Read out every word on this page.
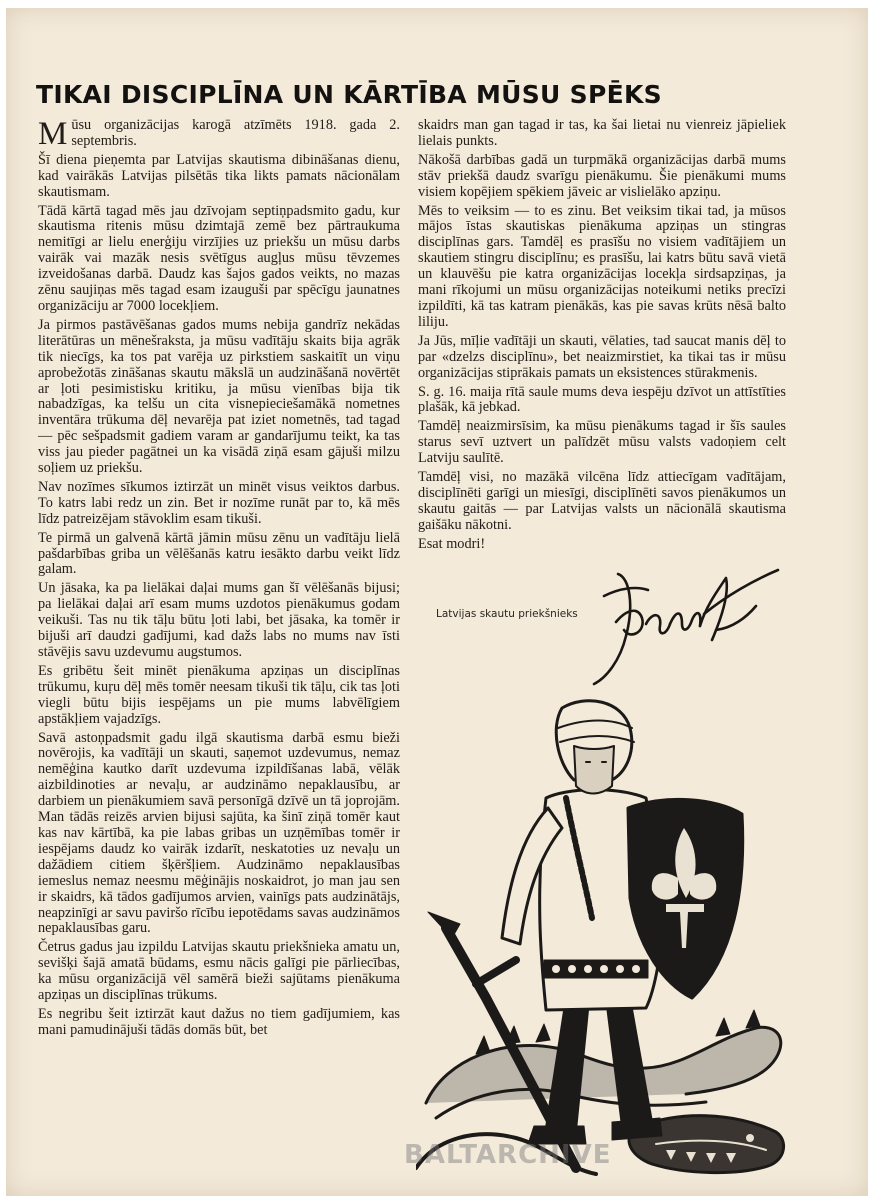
TIKAI DISCIPLĪNA UN KĀRTĪBA MŪSU SPĒKS

Mūsu organizācijas karogā atzīmēts 1918. gada 2. septembris.

Šī diena pieņemta par Latvijas skautisma dibināšanas dienu, kad vairākās Latvijas pilsētās tika likts pamats nācionālam skautismam.

Tādā kārtā tagad mēs jau dzīvojam septiņpadsmito gadu, kur skautisma ritenis mūsu dzimtajā zemē bez pārtraukuma nemitīgi ar lielu enerģiju virzījies uz priekšu un mūsu darbs vairāk vai mazāk nesis svētīgus augļus mūsu tēvzemes izveidošanas darbā. Daudz kas šajos gados veikts, no mazas zēnu saujiņas mēs tagad esam izauguši par spēcīgu jaunatnes organizāciju ar 7000 locekļiem.

Ja pirmos pastāvēšanas gados mums nebija gandrīz nekādas literātūras un mēnešraksta, ja mūsu vadītāju skaits bija agrāk tik niecīgs, ka tos pat varēja uz pirkstiem saskaitīt un viņu aprobežotās zināšanas skautu mākslā un audzināšanā novērtēt ar ļoti pesimistisku kritiku, ja mūsu vienības bija tik nabadzīgas, ka telšu un cita visnepieciešamākā nometnes inventāra trūkuma dēļ nevarēja pat iziet nometnēs, tad tagad — pēc sešpadsmit gadiem varam ar gandarījumu teikt, ka tas viss jau pieder pagātnei un ka visādā ziņā esam gājuši milzu soļiem uz priekšu.

Nav nozīmes sīkumos iztirzāt un minēt visus veiktos darbus. To katrs labi redz un zin. Bet ir nozīme runāt par to, kā mēs līdz patreizējam stāvoklim esam tikuši.

Te pirmā un galvenā kārtā jāmin mūsu zēnu un vadītāju lielā pašdarbības griba un vēlēšanās katru iesākto darbu veikt līdz galam.

Un jāsaka, ka pa lielākai daļai mums gan šī vēlēšanās bijusi; pa lielākai daļai arī esam mums uzdotos pienākumus godam veikuši. Tas nu tik tāļu būtu ļoti labi, bet jāsaka, ka tomēr ir bijuši arī daudzi gadījumi, kad dažs labs no mums nav īsti stāvējis savu uzdevumu augstumos.

Es gribētu šeit minēt pienākuma apziņas un disciplīnas trūkumu, kuŗu dēļ mēs tomēr neesam tikuši tik tāļu, cik tas ļoti viegli būtu bijis iespējams un pie mums labvēlīgiem apstākļiem vajadzīgs.

Savā astoņpadsmit gadu ilgā skautisma darbā esmu bieži novērojis, ka vadītāji un skauti, saņemot uzdevumus, nemaz nemēģina kautko darīt uzdevuma izpildīšanas labā, vēlāk aizbildinoties ar nevaļu, ar audzināmo nepaklausību, ar darbiem un pienākumiem savā personīgā dzīvē un tā joprojām. Man tādās reizēs arvien bijusi sajūta, ka šinī ziņā tomēr kaut kas nav kārtībā, ka pie labas gribas un uzņēmības tomēr ir iespējams daudz ko vairāk izdarīt, neskatoties uz nevaļu un dažādiem citiem šķēršļiem. Audzināmo nepaklausības iemeslus nemaz neesmu mēģinājis noskaidrot, jo man jau sen ir skaidrs, kā tādos gadījumos arvien, vainīgs pats audzinātājs, neapzinīgi ar savu paviršo rīcību iepotēdams savas audzināmos nepaklausības garu.

Četrus gadus jau izpildu Latvijas skautu priekšnieka amatu un, sevišķi šajā amatā būdams, esmu nācis galīgi pie pārliecības, ka mūsu organizācijā vēl samērā bieži sajūtams pienākuma apziņas un disciplīnas trūkums.

Es negribu šeit iztirzāt kaut dažus no tiem gadījumiem, kas mani pamudinājuši tādās domās būt, bet

skaidrs man gan tagad ir tas, ka šai lietai nu vienreiz jāpieliek lielais punkts.

Nākošā darbības gadā un turpmākā organizācijas darbā mums stāv priekšā daudz svarīgu pienākumu. Šie pienākumi mums visiem kopējiem spēkiem jāveic ar vislielāko apziņu.

Mēs to veiksim — to es zinu. Bet veiksim tikai tad, ja mūsos mājos īstas skautiskas pienākuma apziņas un stingras disciplīnas gars. Tamdēļ es prasīšu no visiem vadītājiem un skautiem stingru disciplīnu; es prasīšu, lai katrs būtu savā vietā un klauvēšu pie katra organizācijas locekļa sirdsapziņas, ja mani rīkojumi un mūsu organizācijas noteikumi netiks precīzi izpildīti, kā tas katram pienākās, kas pie savas krūts nēsā balto liliju.

Ja Jūs, mīļie vadītāji un skauti, vēlaties, tad saucat manis dēļ to par «dzelzs disciplīnu», bet neaizmirstiet, ka tikai tas ir mūsu organizācijas stiprākais pamats un eksistences stūrakmenis.

S. g. 16. maija rītā saule mums deva iespēju dzīvot un attīstīties plašāk, kā jebkad.

Tamdēļ neaizmirsīsim, ka mūsu pienākums tagad ir šīs saules starus sevī uztvert un palīdzēt mūsu valsts vadoņiem celt Latviju saulītē.

Tamdēļ visi, no mazākā vilcēna līdz attiecīgam vadītājam, disciplīnēti garīgi un miesīgi, disciplīnēti savos pienākumos un skautu gaitās — par Latvijas valsts un nācionālā skautisma gaišāku nākotni.

Esat modri!

Latvijas skautu priekšnieks
BALTARCHIVE
